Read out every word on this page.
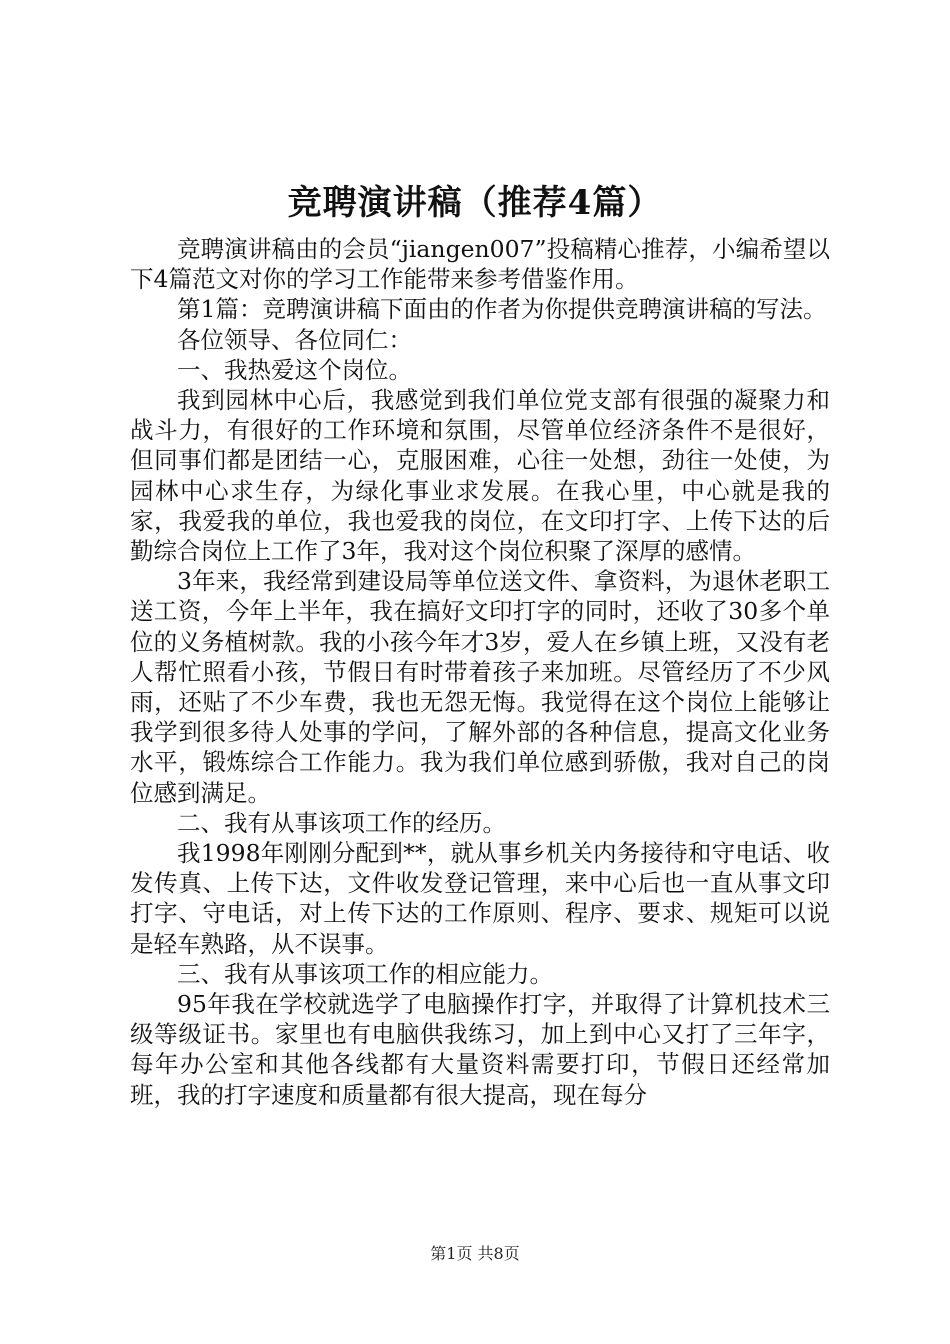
竞聘演讲稿（推荐4篇）

竞聘演讲稿由的会员“jiangen007”投稿精心推荐，小编希望以下4篇范文对你的学习工作能带来参考借鉴作用。

第1篇：竞聘演讲稿下面由的作者为你提供竞聘演讲稿的写法。

各位领导、各位同仁：

一、我热爱这个岗位。

我到园林中心后，我感觉到我们单位党支部有很强的凝聚力和战斗力，有很好的工作环境和氛围，尽管单位经济条件不是很好，但同事们都是团结一心，克服困难，心往一处想，劲往一处使，为园林中心求生存，为绿化事业求发展。在我心里，中心就是我的家，我爱我的单位，我也爱我的岗位，在文印打字、上传下达的后勤综合岗位上工作了3年，我对这个岗位积聚了深厚的感情。

3年来，我经常到建设局等单位送文件、拿资料，为退休老职工送工资，今年上半年，我在搞好文印打字的同时，还收了30多个单位的义务植树款。我的小孩今年才3岁，爱人在乡镇上班，又没有老人帮忙照看小孩，节假日有时带着孩子来加班。尽管经历了不少风雨，还贴了不少车费，我也无怨无悔。我觉得在这个岗位上能够让我学到很多待人处事的学问，了解外部的各种信息，提高文化业务水平，锻炼综合工作能力。我为我们单位感到骄傲，我对自己的岗位感到满足。

二、我有从事该项工作的经历。

我1998年刚刚分配到**，就从事乡机关内务接待和守电话、收发传真、上传下达，文件收发登记管理，来中心后也一直从事文印打字、守电话，对上传下达的工作原则、程序、要求、规矩可以说是轻车熟路，从不误事。

三、我有从事该项工作的相应能力。

95年我在学校就选学了电脑操作打字，并取得了计算机技术三级等级证书。家里也有电脑供我练习，加上到中心又打了三年字，每年办公室和其他各线都有大量资料需要打印，节假日还经常加班，我的打字速度和质量都有很大提高，现在每分

第1页 共8页
